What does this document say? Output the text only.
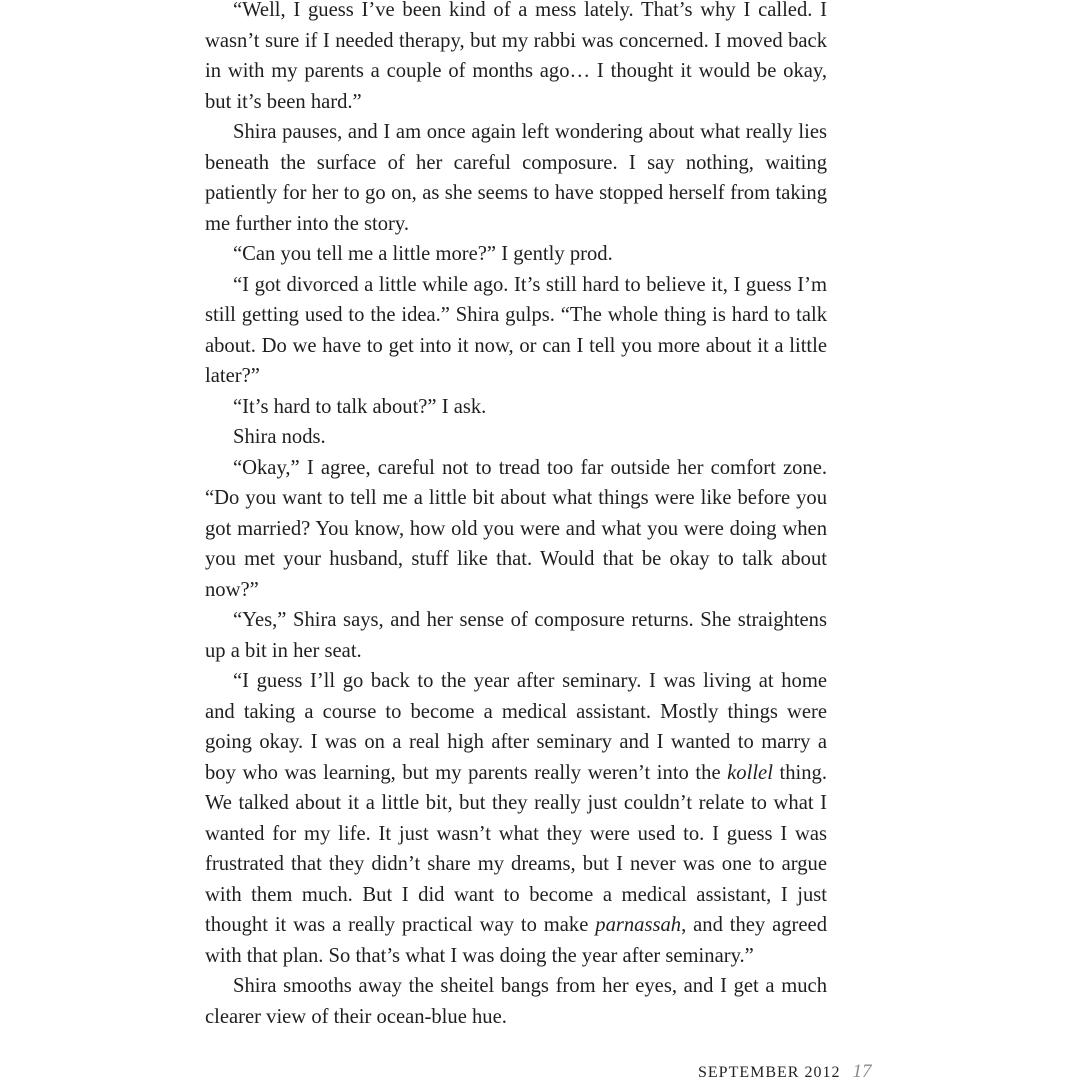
“Well, I guess I’ve been kind of a mess lately. That’s why I called. I wasn’t sure if I needed therapy, but my rabbi was concerned. I moved back in with my parents a couple of months ago… I thought it would be okay, but it’s been hard.”

Shira pauses, and I am once again left wondering about what really lies beneath the surface of her careful composure. I say nothing, waiting patiently for her to go on, as she seems to have stopped herself from taking me further into the story.

“Can you tell me a little more?” I gently prod.

“I got divorced a little while ago. It’s still hard to believe it, I guess I’m still getting used to the idea.” Shira gulps. “The whole thing is hard to talk about. Do we have to get into it now, or can I tell you more about it a little later?”

“It’s hard to talk about?” I ask.

Shira nods.

“Okay,” I agree, careful not to tread too far outside her comfort zone. “Do you want to tell me a little bit about what things were like before you got married? You know, how old you were and what you were doing when you met your husband, stuff like that. Would that be okay to talk about now?”

“Yes,” Shira says, and her sense of composure returns. She straightens up a bit in her seat.

“I guess I’ll go back to the year after seminary. I was living at home and taking a course to become a medical assistant. Mostly things were going okay. I was on a real high after seminary and I wanted to marry a boy who was learning, but my parents really weren’t into the kollel thing. We talked about it a little bit, but they really just couldn’t relate to what I wanted for my life. It just wasn’t what they were used to. I guess I was frustrated that they didn’t share my dreams, but I never was one to argue with them much. But I did want to become a medical assistant, I just thought it was a really practical way to make parnassah, and they agreed with that plan. So that’s what I was doing the year after seminary.”

Shira smooths away the sheitel bangs from her eyes, and I get a much clearer view of their ocean-blue hue.

SEPTEMBER 2012 17
